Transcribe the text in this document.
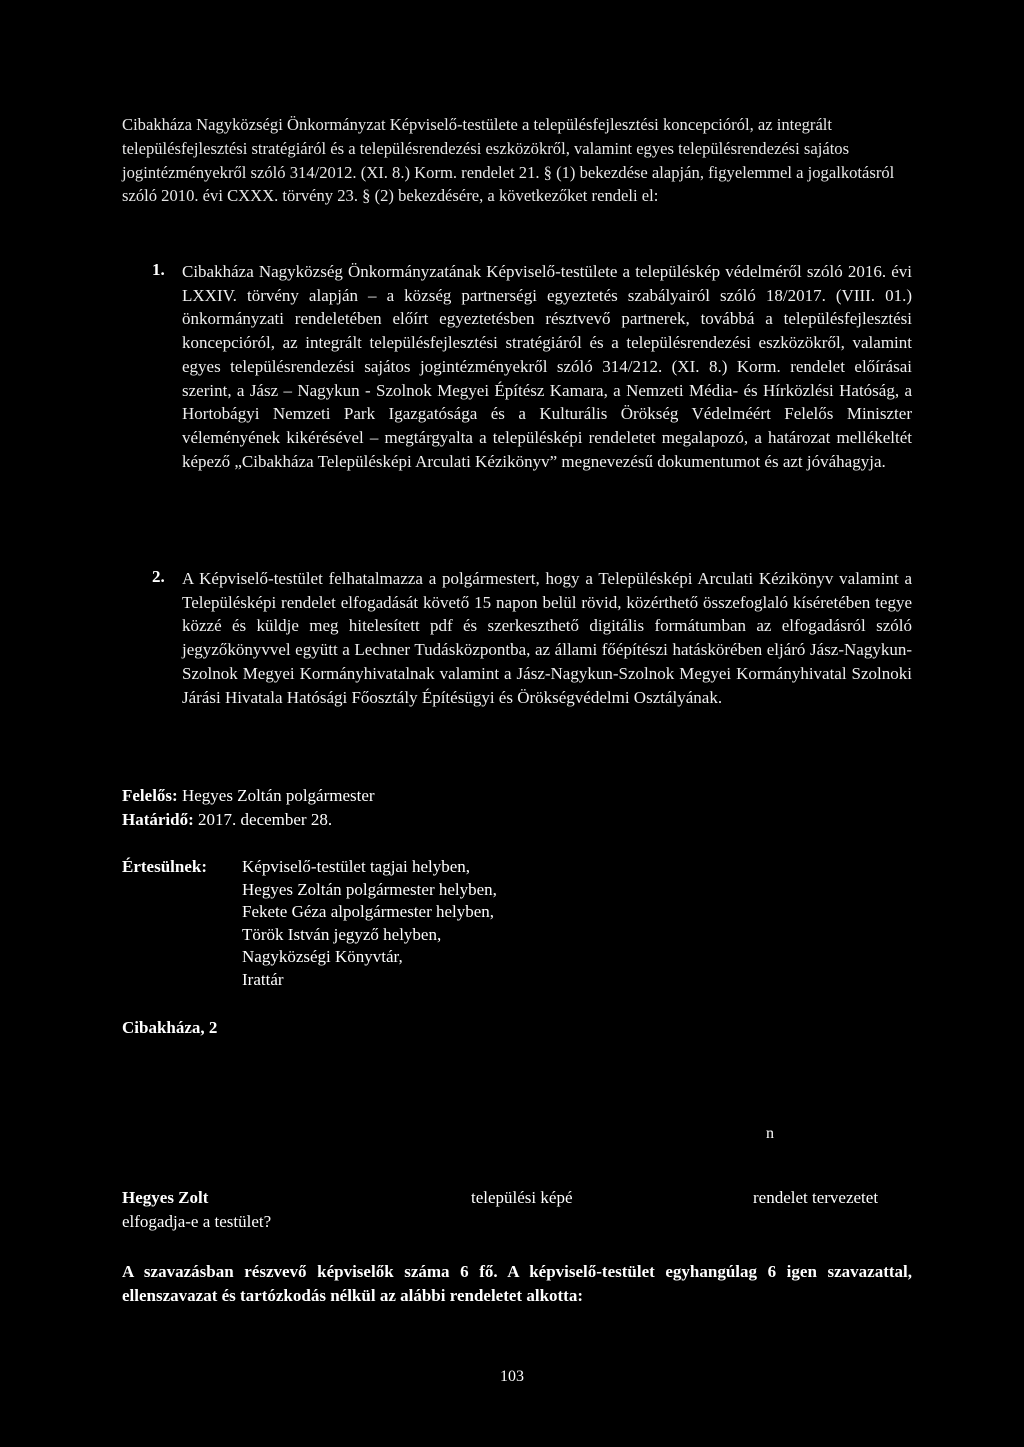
Cibakháza Nagyközségi Önkormányzat Képviselő-testülete a településfejlesztési koncepcióról, az integrált településfejlesztési stratégiáról és a településrendezési eszközökről, valamint egyes településrendezési sajátos jogintézményekről szóló 314/2012. (XI. 8.) Korm. rendelet 21. § (1) bekezdése alapján, figyelemmel a jogalkotásról szóló 2010. évi CXXX. törvény 23. § (2) bekezdésére, a következőket rendeli el:
1.	Cibakháza Nagyközség Önkormányzatának Képviselő-testülete a településkép védelméről szóló 2016. évi LXXIV. törvény alapján – a község partnerségi egyeztetés szabályairól szóló 18/2017. (VIII. 01.) önkormányzati rendeletében előírt egyeztetésben résztvevő partnerek, továbbá a településfejlesztési koncepcióról, az integrált településfejlesztési stratégiáról és a településrendezési eszközökről, valamint egyes településrendezési sajátos jogintézményekről szóló 314/212. (XI. 8.) Korm. rendelet előírásai szerint, a Jász – Nagykun - Szolnok Megyei Építész Kamara, a Nemzeti Média- és Hírközlési Hatóság, a Hortobágyi Nemzeti Park Igazgatósága és a Kulturális Örökség Védelméért Felelős Miniszter véleményének kikérésével – megtárgyalta a településképi rendeletet megalapozó, a határozat mellékeltét képező „Cibakháza Településképi Arculati Kézikönyv” megnevezésű dokumentumot és azt jóváhagyja.
2.	A Képviselő-testület felhatalmazza a polgármestert, hogy a Településképi Arculati Kézikönyv valamint a Településképi rendelet elfogadását követő 15 napon belül rövid, közérthető összefoglaló kíséretében tegye közzé és küldje meg hitelesített pdf és szerkeszthető digitális formátumban az elfogadásról szóló jegyzőkönyvvel együtt a Lechner Tudásközpontba, az állami főépítészi hatáskörében eljáró Jász-Nagykun-Szolnok Megyei Kormányhivatalnak valamint a Jász-Nagykun-Szolnok Megyei Kormányhivatal Szolnoki Járási Hivatala Hatósági Főosztály Építésügyi és Örökségvédelmi Osztályának.
Felelős: Hegyes Zoltán polgármester
Határidő: 2017. december 28.
Értesülnek:	Képviselő-testület tagjai helyben,
Hegyes Zoltán polgármester helyben,
Fekete Géza alpolgármester helyben,
Török István jegyző helyben,
Nagyközségi Könyvtár,
Irattár
Cibakháza, 2
n
Hegyes Zolt	települési képé	rendelet tervezetet
elfogadja-e a testület?
A szavazásban részvevő képviselők száma 6 fő. A képviselő-testület egyhangúlag 6 igen szavazattal, ellenszavazat és tartózkodás nélkül az alábbi rendeletet alkotta:
103
